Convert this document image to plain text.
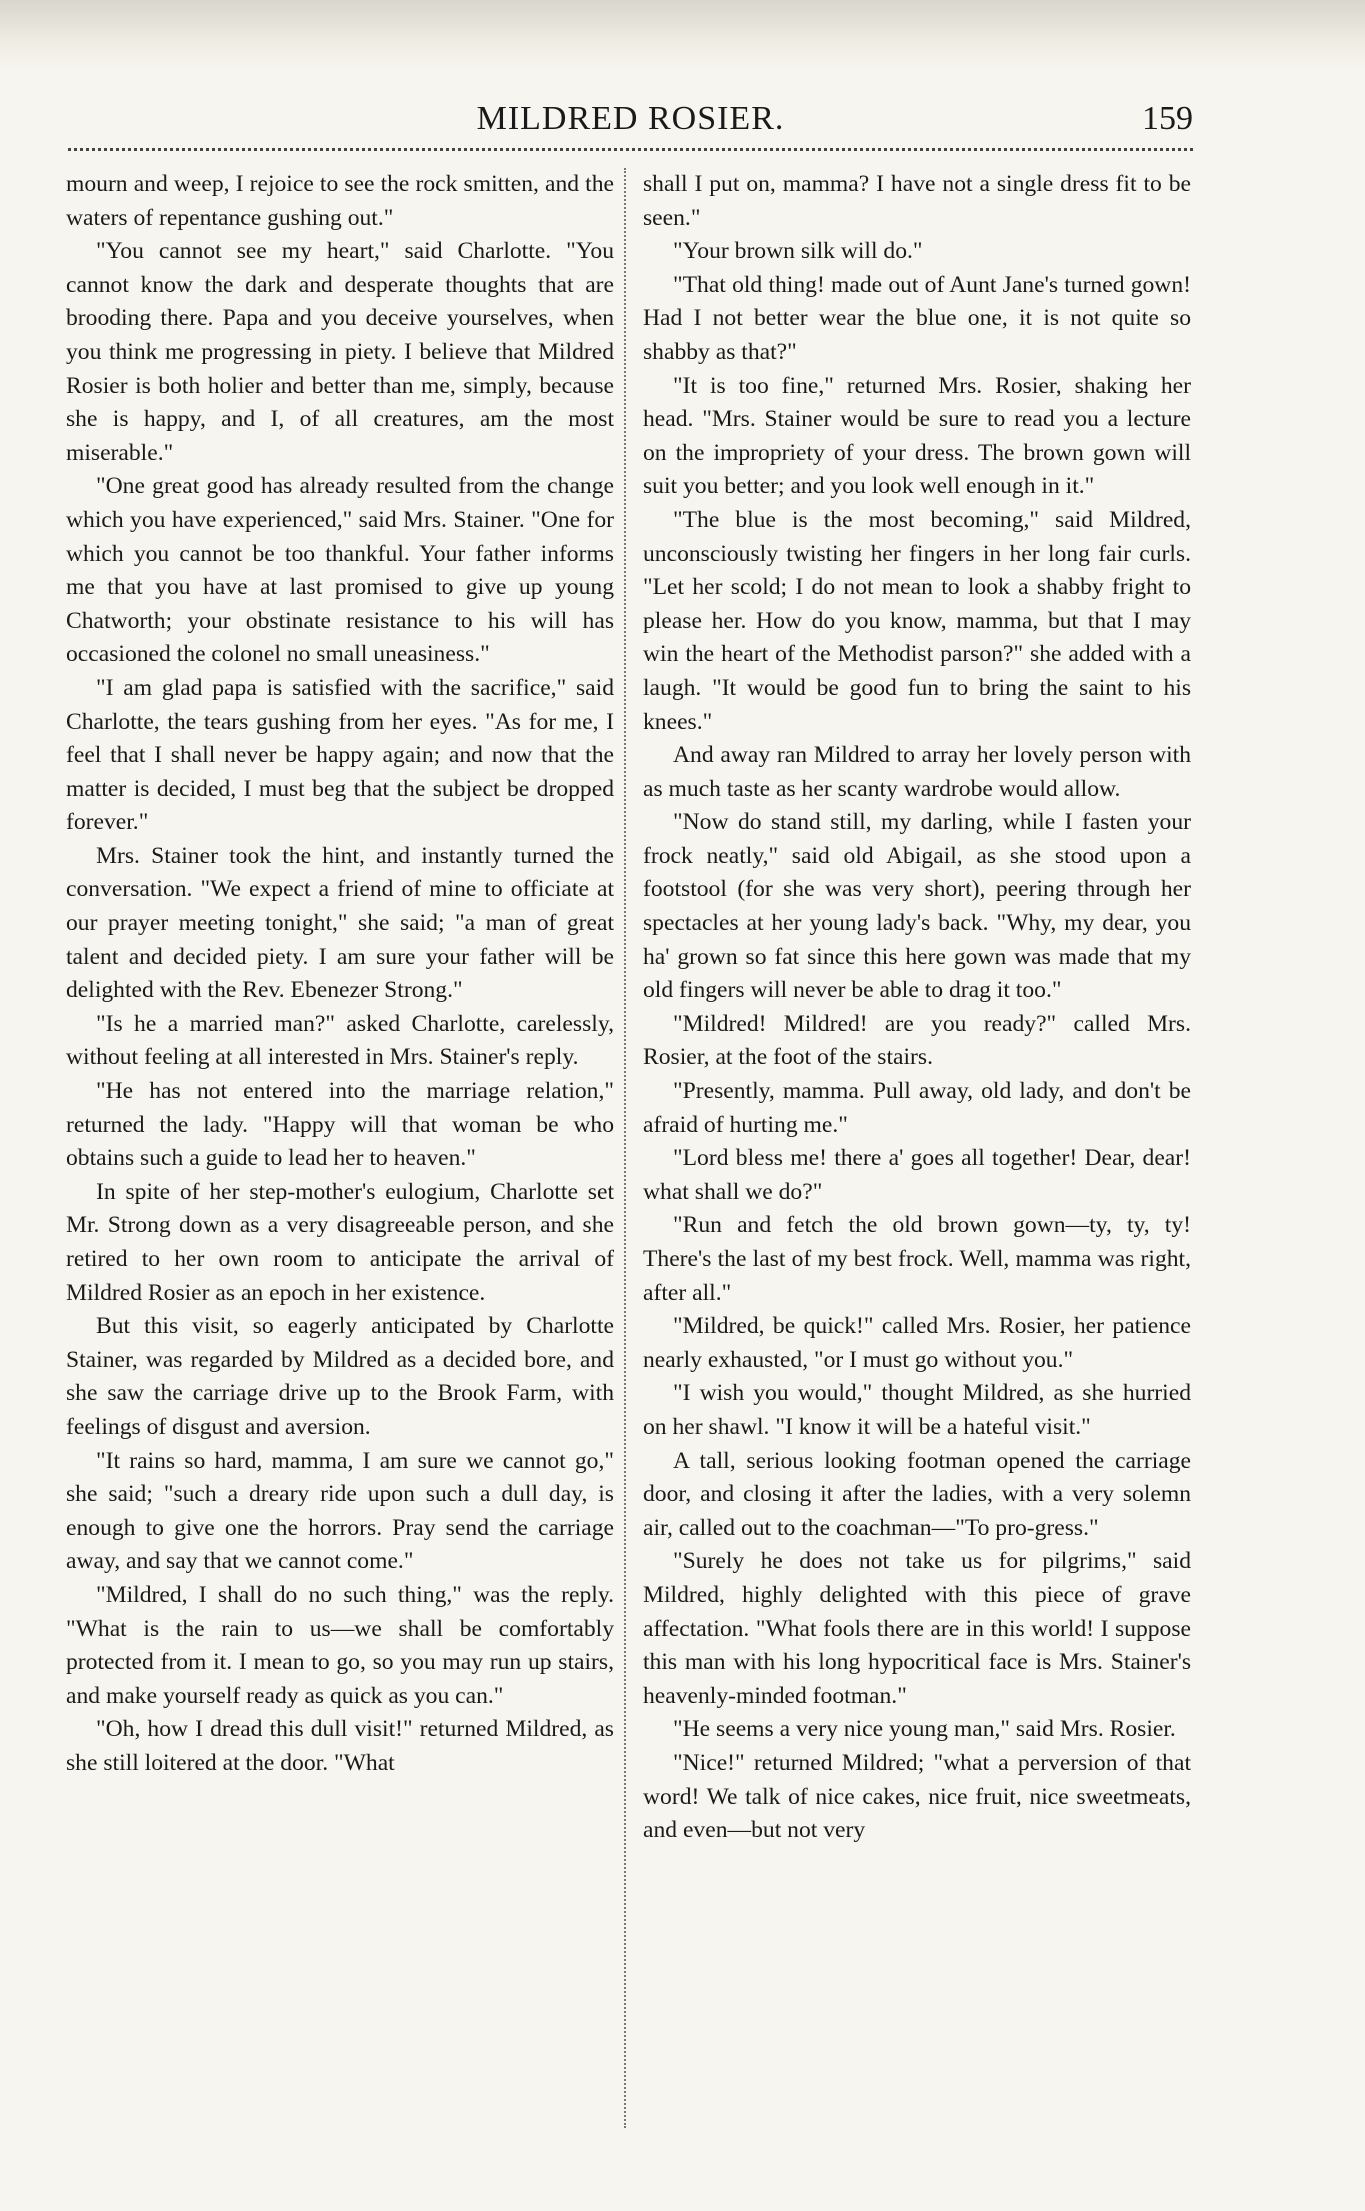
MILDRED ROSIER.	159

mourn and weep, I rejoice to see the rock smitten, and the waters of repentance gushing out."

"You cannot see my heart," said Charlotte. "You cannot know the dark and desperate thoughts that are brooding there. Papa and you deceive yourselves, when you think me progressing in piety. I believe that Mildred Rosier is both holier and better than me, simply, because she is happy, and I, of all creatures, am the most miserable."

"One great good has already resulted from the change which you have experienced," said Mrs. Stainer. "One for which you cannot be too thankful. Your father informs me that you have at last promised to give up young Chatworth; your obstinate resistance to his will has occasioned the colonel no small uneasiness."

"I am glad papa is satisfied with the sacrifice," said Charlotte, the tears gushing from her eyes. "As for me, I feel that I shall never be happy again; and now that the matter is decided, I must beg that the subject be dropped forever."

Mrs. Stainer took the hint, and instantly turned the conversation. "We expect a friend of mine to officiate at our prayer meeting tonight," she said; "a man of great talent and decided piety. I am sure your father will be delighted with the Rev. Ebenezer Strong."

"Is he a married man?" asked Charlotte, carelessly, without feeling at all interested in Mrs. Stainer's reply.

"He has not entered into the marriage relation," returned the lady. "Happy will that woman be who obtains such a guide to lead her to heaven."

In spite of her step-mother's eulogium, Charlotte set Mr. Strong down as a very disagreeable person, and she retired to her own room to anticipate the arrival of Mildred Rosier as an epoch in her existence.

But this visit, so eagerly anticipated by Charlotte Stainer, was regarded by Mildred as a decided bore, and she saw the carriage drive up to the Brook Farm, with feelings of disgust and aversion.

"It rains so hard, mamma, I am sure we cannot go," she said; "such a dreary ride upon such a dull day, is enough to give one the horrors. Pray send the carriage away, and say that we cannot come."

"Mildred, I shall do no such thing," was the reply. "What is the rain to us—we shall be comfortably protected from it. I mean to go, so you may run up stairs, and make yourself ready as quick as you can."

"Oh, how I dread this dull visit!" returned Mildred, as she still loitered at the door. "What

shall I put on, mamma? I have not a single dress fit to be seen."

"Your brown silk will do."

"That old thing! made out of Aunt Jane's turned gown! Had I not better wear the blue one, it is not quite so shabby as that?"

"It is too fine," returned Mrs. Rosier, shaking her head. "Mrs. Stainer would be sure to read you a lecture on the impropriety of your dress. The brown gown will suit you better; and you look well enough in it."

"The blue is the most becoming," said Mildred, unconsciously twisting her fingers in her long fair curls. "Let her scold; I do not mean to look a shabby fright to please her. How do you know, mamma, but that I may win the heart of the Methodist parson?" she added with a laugh. "It would be good fun to bring the saint to his knees."

And away ran Mildred to array her lovely person with as much taste as her scanty wardrobe would allow.

"Now do stand still, my darling, while I fasten your frock neatly," said old Abigail, as she stood upon a footstool (for she was very short), peering through her spectacles at her young lady's back. "Why, my dear, you ha' grown so fat since this here gown was made that my old fingers will never be able to drag it too."

"Mildred! Mildred! are you ready?" called Mrs. Rosier, at the foot of the stairs.

"Presently, mamma. Pull away, old lady, and don't be afraid of hurting me."

"Lord bless me! there a' goes all together! Dear, dear! what shall we do?"

"Run and fetch the old brown gown—ty, ty, ty! There's the last of my best frock. Well, mamma was right, after all."

"Mildred, be quick!" called Mrs. Rosier, her patience nearly exhausted, "or I must go without you."

"I wish you would," thought Mildred, as she hurried on her shawl. "I know it will be a hateful visit."

A tall, serious looking footman opened the carriage door, and closing it after the ladies, with a very solemn air, called out to the coachman—"To pro-gress."

"Surely he does not take us for pilgrims," said Mildred, highly delighted with this piece of grave affectation. "What fools there are in this world! I suppose this man with his long hypocritical face is Mrs. Stainer's heavenly-minded footman."

"He seems a very nice young man," said Mrs. Rosier.

"Nice!" returned Mildred; "what a perversion of that word! We talk of nice cakes, nice fruit, nice sweetmeats, and even—but not very
